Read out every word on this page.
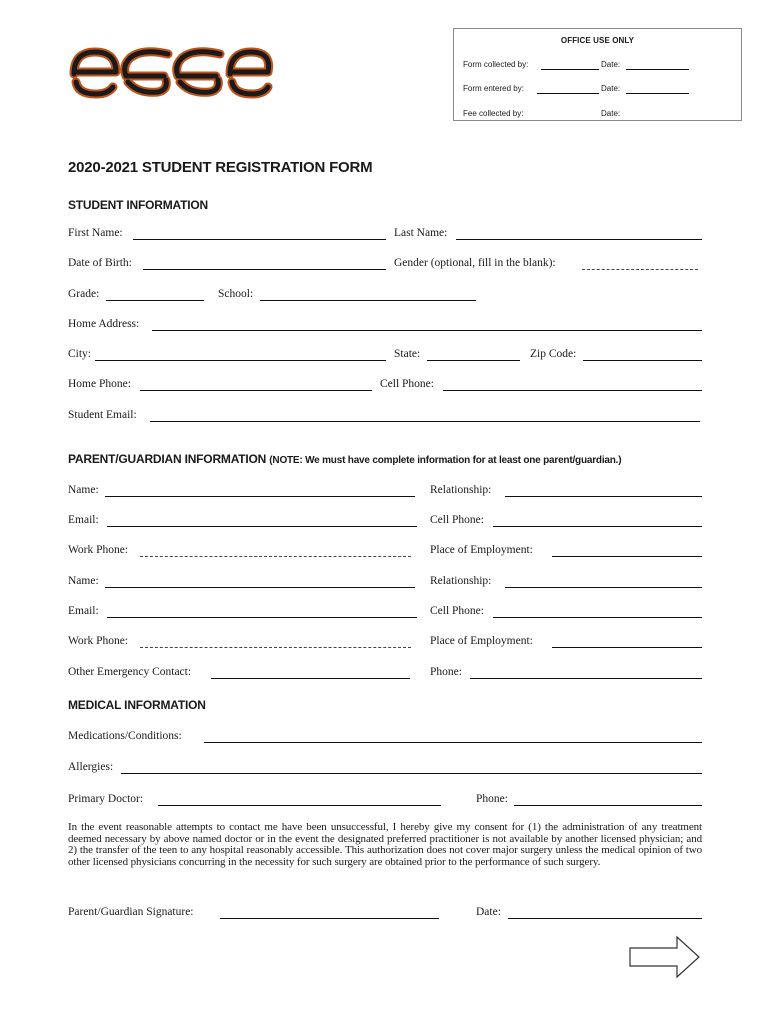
OFFICE USE ONLY
Form collected by:	Date:
Form entered by:	Date:
Fee collected by:	Date:
2020-2021 STUDENT REGISTRATION FORM
STUDENT INFORMATION
First Name:	Last Name:
Date of Birth:	Gender (optional, fill in the blank):
Grade:	School:
Home Address:
City:	State:	Zip Code:
Home Phone:	Cell Phone:
Student Email:
PARENT/GUARDIAN INFORMATION (NOTE: We must have complete information for at least one parent/guardian.)
Name:	Relationship:
Email:	Cell Phone:
Work Phone:	Place of Employment:
Name:	Relationship:
Email:	Cell Phone:
Work Phone:	Place of Employment:
Other Emergency Contact:	Phone:
MEDICAL INFORMATION
Medications/Conditions:
Allergies:
Primary Doctor:	Phone:
In the event reasonable attempts to contact me have been unsuccessful, I hereby give my consent for (1) the administration of any treatment deemed necessary by above named doctor or in the event the designated preferred practitioner is not available by another licensed physician; and 2) the transfer of the teen to any hospital reasonably accessible. This authorization does not cover major surgery unless the medical opinion of two other licensed physicians concurring in the necessity for such surgery are obtained prior to the performance of such surgery.
Parent/Guardian Signature:	Date:
